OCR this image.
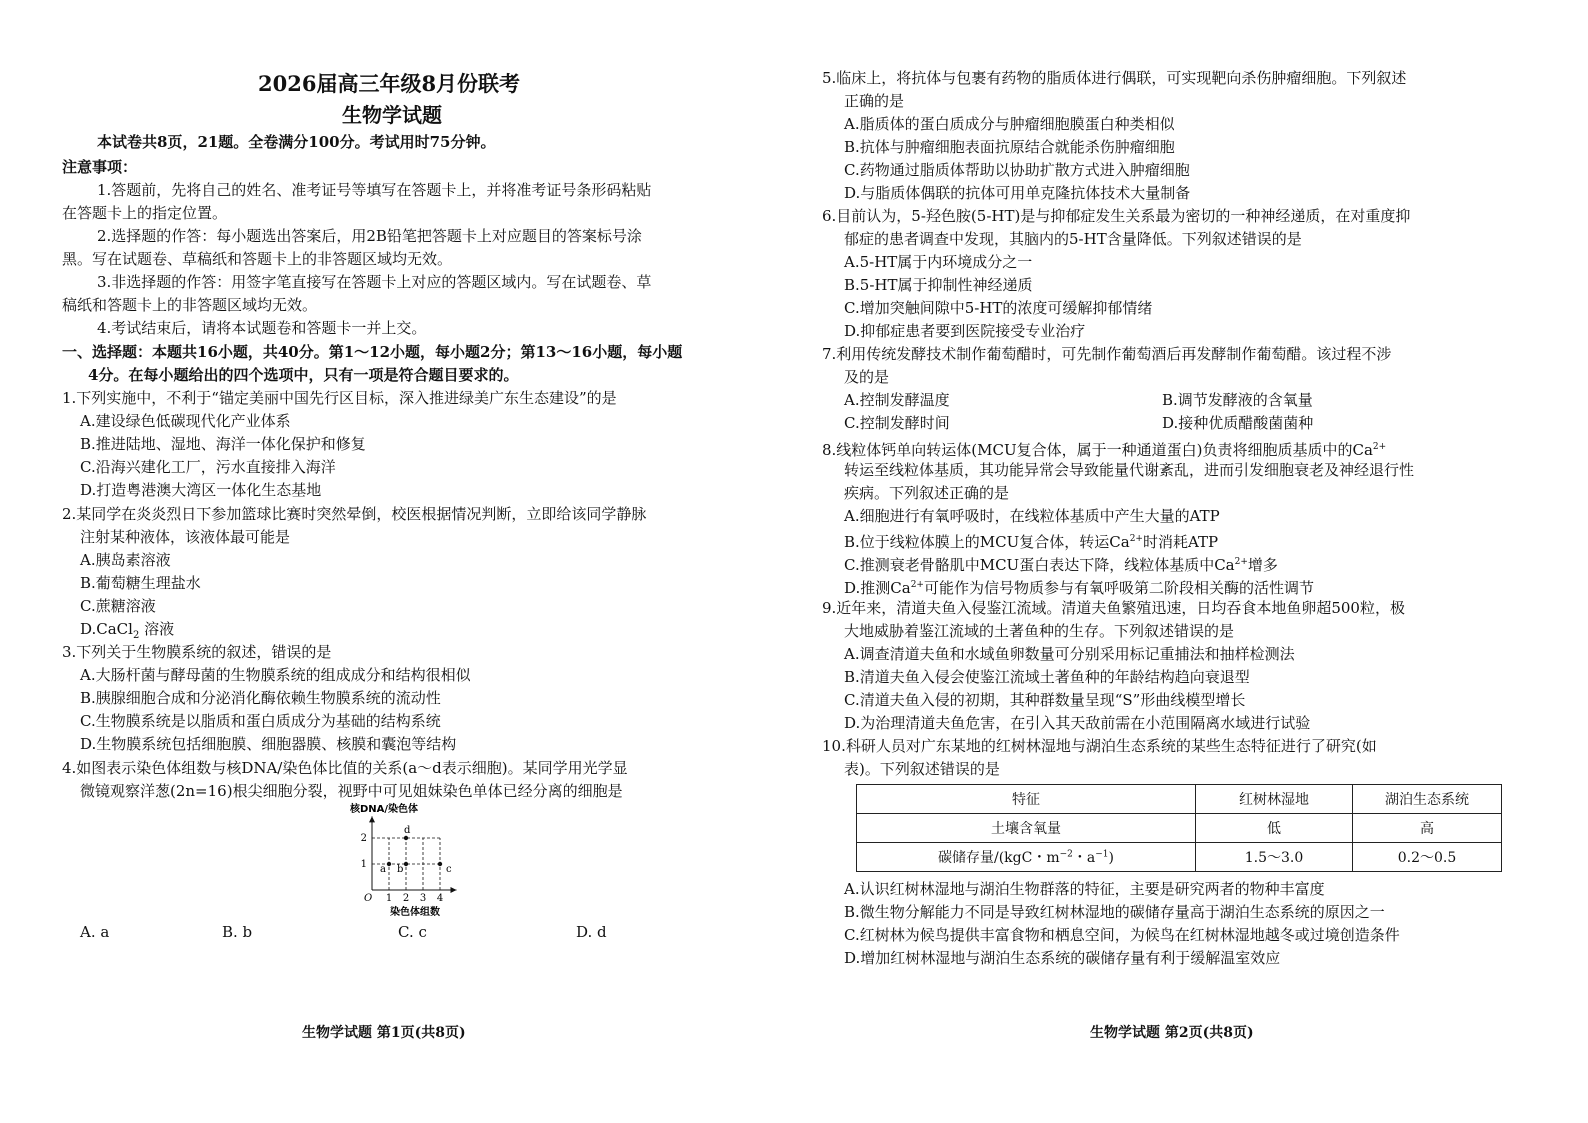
2026届高三年级8月份联考
生物学试题
本试卷共8页，21题。全卷满分100分。考试用时75分钟。
注意事项：
1.答题前，先将自己的姓名、准考证号等填写在答题卡上，并将准考证号条形码粘贴
在答题卡上的指定位置。
2.选择题的作答：每小题选出答案后，用2B铅笔把答题卡上对应题目的答案标号涂
黑。写在试题卷、草稿纸和答题卡上的非答题区域均无效。
3.非选择题的作答：用签字笔直接写在答题卡上对应的答题区域内。写在试题卷、草
稿纸和答题卡上的非答题区域均无效。
4.考试结束后，请将本试题卷和答题卡一并上交。
一、选择题：本题共16小题，共40分。第1～12小题，每小题2分；第13～16小题，每小题
4分。在每小题给出的四个选项中，只有一项是符合题目要求的。
1.下列实施中，不利于“锚定美丽中国先行区目标，深入推进绿美广东生态建设”的是
A.建设绿色低碳现代化产业体系
B.推进陆地、湿地、海洋一体化保护和修复
C.沿海兴建化工厂，污水直接排入海洋
D.打造粤港澳大湾区一体化生态基地
2.某同学在炎炎烈日下参加篮球比赛时突然晕倒，校医根据情况判断，立即给该同学静脉
注射某种液体，该液体最可能是
A.胰岛素溶液
B.葡萄糖生理盐水
C.蔗糖溶液
D.CaCl$_2$ 溶液
3.下列关于生物膜系统的叙述，错误的是
A.大肠杆菌与酵母菌的生物膜系统的组成成分和结构很相似
B.胰腺细胞合成和分泌消化酶依赖生物膜系统的流动性
C.生物膜系统是以脂质和蛋白质成分为基础的结构系统
D.生物膜系统包括细胞膜、细胞器膜、核膜和囊泡等结构
4.如图表示染色体组数与核DNA/染色体比值的关系(a～d表示细胞)。某同学用光学显
微镜观察洋葱(2n=16)根尖细胞分裂，视野中可见姐妹染色单体已经分离的细胞是
1 2 3 4
1
2
O
核DNA/染色体
染色体组数
a b	c
d
A. a	B. b	C. c	D. d
生物学试题 第1页(共8页)
5.临床上，将抗体与包裹有药物的脂质体进行偶联，可实现靶向杀伤肿瘤细胞。下列叙述
正确的是
A.脂质体的蛋白质成分与肿瘤细胞膜蛋白种类相似
B.抗体与肿瘤细胞表面抗原结合就能杀伤肿瘤细胞
C.药物通过脂质体帮助以协助扩散方式进入肿瘤细胞
D.与脂质体偶联的抗体可用单克隆抗体技术大量制备
6.目前认为，5-羟色胺(5-HT)是与抑郁症发生关系最为密切的一种神经递质，在对重度抑
郁症的患者调查中发现，其脑内的5-HT含量降低。下列叙述错误的是
A.5-HT属于内环境成分之一
B.5-HT属于抑制性神经递质
C.增加突触间隙中5-HT的浓度可缓解抑郁情绪
D.抑郁症患者要到医院接受专业治疗
7.利用传统发酵技术制作葡萄醋时，可先制作葡萄酒后再发酵制作葡萄醋。该过程不涉
及的是
A.控制发酵温度	B.调节发酵液的含氧量
C.控制发酵时间	D.接种优质醋酸菌菌种
8.线粒体钙单向转运体(MCU复合体，属于一种通道蛋白)负责将细胞质基质中的$Ca^{2+}$
转运至线粒体基质，其功能异常会导致能量代谢紊乱，进而引发细胞衰老及神经退行性
疾病。下列叙述正确的是
A.细胞进行有氧呼吸时，在线粒体基质中产生大量的ATP
B.位于线粒体膜上的MCU复合体，转运$Ca^{2+}$时消耗ATP
C.推测衰老骨骼肌中MCU蛋白表达下降，线粒体基质中$Ca^{2+}$增多
D.推测$Ca^{2+}$可能作为信号物质参与有氧呼吸第二阶段相关酶的活性调节
9.近年来，清道夫鱼入侵鉴江流域。清道夫鱼繁殖迅速，日均吞食本地鱼卵超500粒，极
大地威胁着鉴江流域的土著鱼种的生存。下列叙述错误的是
A.调查清道夫鱼和水域鱼卵数量可分别采用标记重捕法和抽样检测法
B.清道夫鱼入侵会使鉴江流域土著鱼种的年龄结构趋向衰退型
C.清道夫鱼入侵的初期，其种群数量呈现“S”形曲线模型增长
D.为治理清道夫鱼危害，在引入其天敌前需在小范围隔离水域进行试验
10.科研人员对广东某地的红树林湿地与湖泊生态系统的某些生态特征进行了研究(如
表)。下列叙述错误的是
特征	红树林湿地	湖泊生态系统
土壤含氧量	低	高
碳储存量/(kgC・$m^{-2}$・$a^{-1}$)	1.5～3.0	0.2～0.5
A.认识红树林湿地与湖泊生物群落的特征，主要是研究两者的物种丰富度
B.微生物分解能力不同是导致红树林湿地的碳储存量高于湖泊生态系统的原因之一
C.红树林为候鸟提供丰富食物和栖息空间，为候鸟在红树林湿地越冬或过境创造条件
D.增加红树林湿地与湖泊生态系统的碳储存量有利于缓解温室效应
生物学试题 第2页(共8页)
